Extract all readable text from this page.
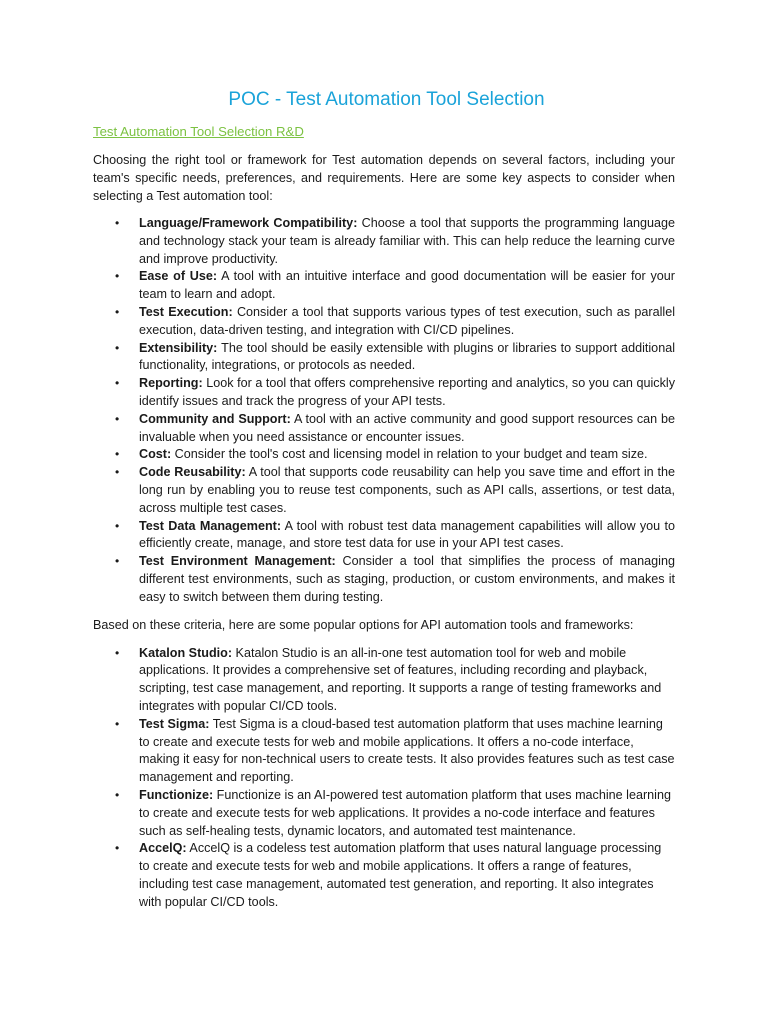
POC - Test Automation Tool Selection
Test Automation Tool Selection R&D

Choosing the right tool or framework for Test automation depends on several factors, including your team's specific needs, preferences, and requirements. Here are some key aspects to consider when selecting a Test automation tool:

• Language/Framework Compatibility: Choose a tool that supports the programming language and technology stack your team is already familiar with. This can help reduce the learning curve and improve productivity.
• Ease of Use: A tool with an intuitive interface and good documentation will be easier for your team to learn and adopt.
• Test Execution: Consider a tool that supports various types of test execution, such as parallel execution, data-driven testing, and integration with CI/CD pipelines.
• Extensibility: The tool should be easily extensible with plugins or libraries to support additional functionality, integrations, or protocols as needed.
• Reporting: Look for a tool that offers comprehensive reporting and analytics, so you can quickly identify issues and track the progress of your API tests.
• Community and Support: A tool with an active community and good support resources can be invaluable when you need assistance or encounter issues.
• Cost: Consider the tool's cost and licensing model in relation to your budget and team size.
• Code Reusability: A tool that supports code reusability can help you save time and effort in the long run by enabling you to reuse test components, such as API calls, assertions, or test data, across multiple test cases.
• Test Data Management: A tool with robust test data management capabilities will allow you to efficiently create, manage, and store test data for use in your API test cases.
• Test Environment Management: Consider a tool that simplifies the process of managing different test environments, such as staging, production, or custom environments, and makes it easy to switch between them during testing.

Based on these criteria, here are some popular options for API automation tools and frameworks:

• Katalon Studio: Katalon Studio is an all-in-one test automation tool for web and mobile applications. It provides a comprehensive set of features, including recording and playback, scripting, test case management, and reporting. It supports a range of testing frameworks and integrates with popular CI/CD tools.
• Test Sigma: Test Sigma is a cloud-based test automation platform that uses machine learning to create and execute tests for web and mobile applications. It offers a no-code interface, making it easy for non-technical users to create tests. It also provides features such as test case management and reporting.
• Functionize: Functionize is an AI-powered test automation platform that uses machine learning to create and execute tests for web applications. It provides a no-code interface and features such as self-healing tests, dynamic locators, and automated test maintenance.
• AccelQ: AccelQ is a codeless test automation platform that uses natural language processing to create and execute tests for web and mobile applications. It offers a range of features, including test case management, automated test generation, and reporting. It also integrates with popular CI/CD tools.
